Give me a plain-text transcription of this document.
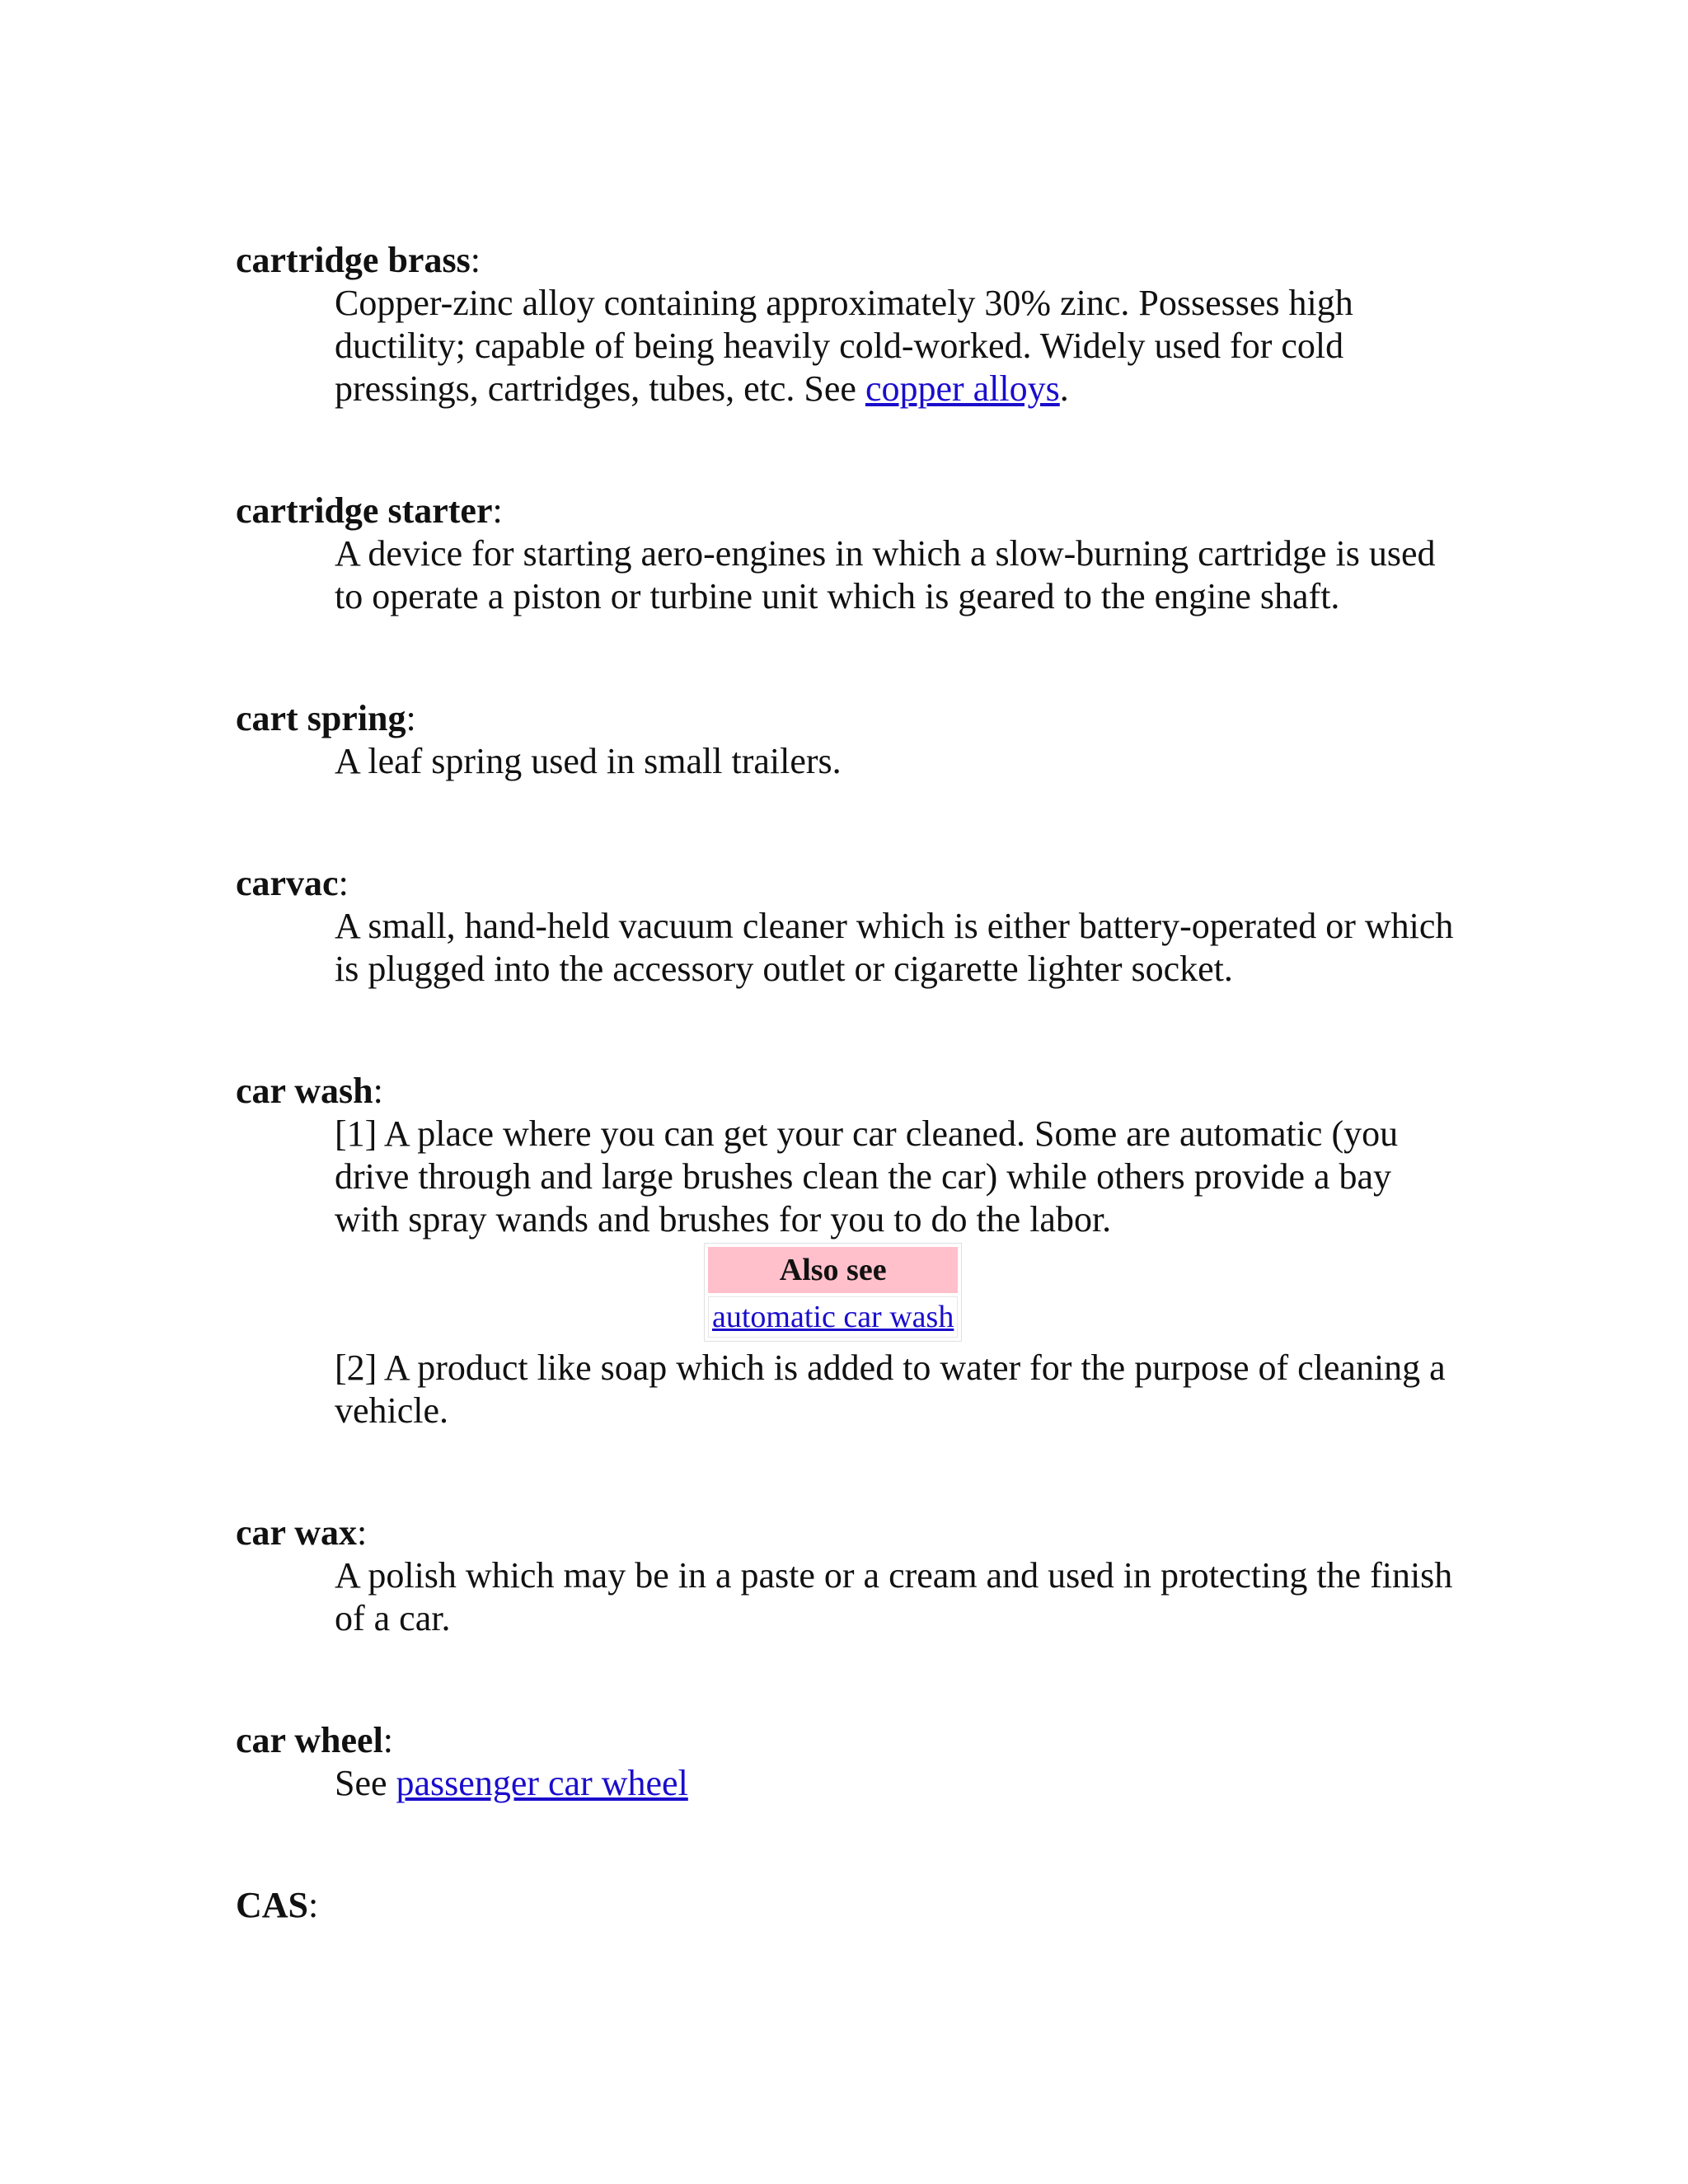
cartridge brass:

Copper-zinc alloy containing approximately 30% zinc. Possesses high ductility; capable of being heavily cold-worked. Widely used for cold pressings, cartridges, tubes, etc. See copper alloys.

cartridge starter:

A device for starting aero-engines in which a slow-burning cartridge is used to operate a piston or turbine unit which is geared to the engine shaft.

cart spring:

A leaf spring used in small trailers.

carvac:

A small, hand-held vacuum cleaner which is either battery-operated or which is plugged into the accessory outlet or cigarette lighter socket.

car wash:

[1] A place where you can get your car cleaned. Some are automatic (you drive through and large brushes clean the car) while others provide a bay with spray wands and brushes for you to do the labor.

Also see
automatic car wash

[2] A product like soap which is added to water for the purpose of cleaning a vehicle.

car wax:

A polish which may be in a paste or a cream and used in protecting the finish of a car.

car wheel:

See passenger car wheel

CAS:
